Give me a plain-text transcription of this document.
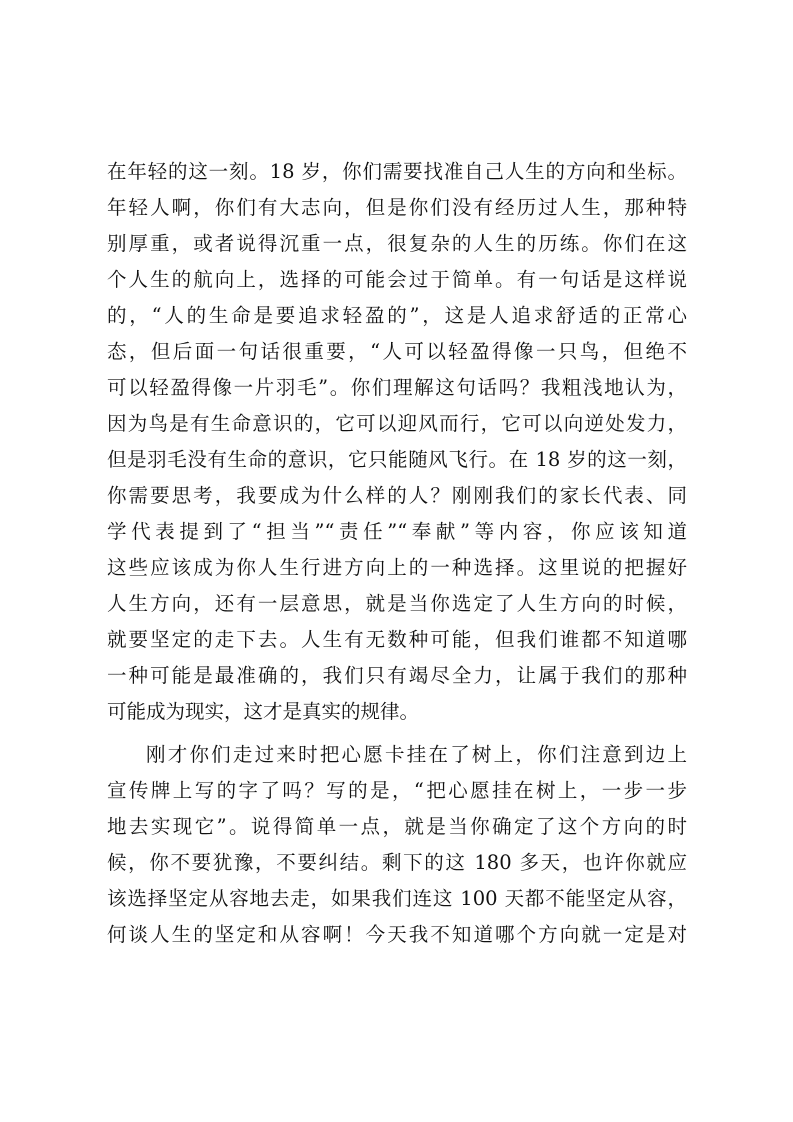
在年轻的这一刻。18 岁，你们需要找准自己人生的方向和坐标。
年轻人啊，你们有大志向，但是你们没有经历过人生，那种特
别厚重，或者说得沉重一点，很复杂的人生的历练。你们在这
个人生的航向上，选择的可能会过于简单。有一句话是这样说
的，“人的生命是要追求轻盈的”，这是人追求舒适的正常心
态，但后面一句话很重要，“人可以轻盈得像一只鸟，但绝不
可以轻盈得像一片羽毛”。你们理解这句话吗？我粗浅地认为，
因为鸟是有生命意识的，它可以迎风而行，它可以向逆处发力，
但是羽毛没有生命的意识，它只能随风飞行。在 18 岁的这一刻，
你需要思考，我要成为什么样的人？刚刚我们的家长代表、同
学代表提到了“担当”“责任”“奉献”等内容，你应该知道
这些应该成为你人生行进方向上的一种选择。这里说的把握好
人生方向，还有一层意思，就是当你选定了人生方向的时候，
就要坚定的走下去。人生有无数种可能，但我们谁都不知道哪
一种可能是最准确的，我们只有竭尽全力，让属于我们的那种
可能成为现实，这才是真实的规律。
刚才你们走过来时把心愿卡挂在了树上，你们注意到边上
宣传牌上写的字了吗？写的是，“把心愿挂在树上，一步一步
地去实现它”。说得简单一点，就是当你确定了这个方向的时
候，你不要犹豫，不要纠结。剩下的这 180 多天，也许你就应
该选择坚定从容地去走，如果我们连这 100 天都不能坚定从容，
何谈人生的坚定和从容啊！今天我不知道哪个方向就一定是对
